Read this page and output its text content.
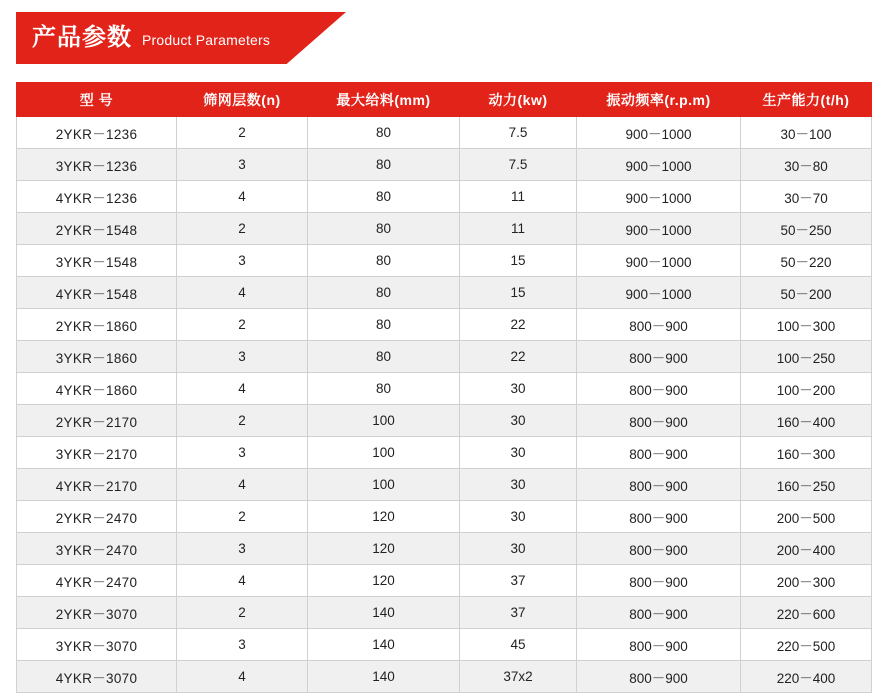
产品参数 Product Parameters
型 号	筛网层数(n)	最大给料(mm)	动力(kw)	振动频率(r.p.m)	生产能力(t/h)
2YKR－1236	2	80	7.5	900－1000	30－100
3YKR－1236	3	80	7.5	900－1000	30－80
4YKR－1236	4	80	11	900－1000	30－70
2YKR－1548	2	80	11	900－1000	50－250
3YKR－1548	3	80	15	900－1000	50－220
4YKR－1548	4	80	15	900－1000	50－200
2YKR－1860	2	80	22	800－900	100－300
3YKR－1860	3	80	22	800－900	100－250
4YKR－1860	4	80	30	800－900	100－200
2YKR－2170	2	100	30	800－900	160－400
3YKR－2170	3	100	30	800－900	160－300
4YKR－2170	4	100	30	800－900	160－250
2YKR－2470	2	120	30	800－900	200－500
3YKR－2470	3	120	30	800－900	200－400
4YKR－2470	4	120	37	800－900	200－300
2YKR－3070	2	140	37	800－900	220－600
3YKR－3070	3	140	45	800－900	220－500
4YKR－3070	4	140	37x2	800－900	220－400
